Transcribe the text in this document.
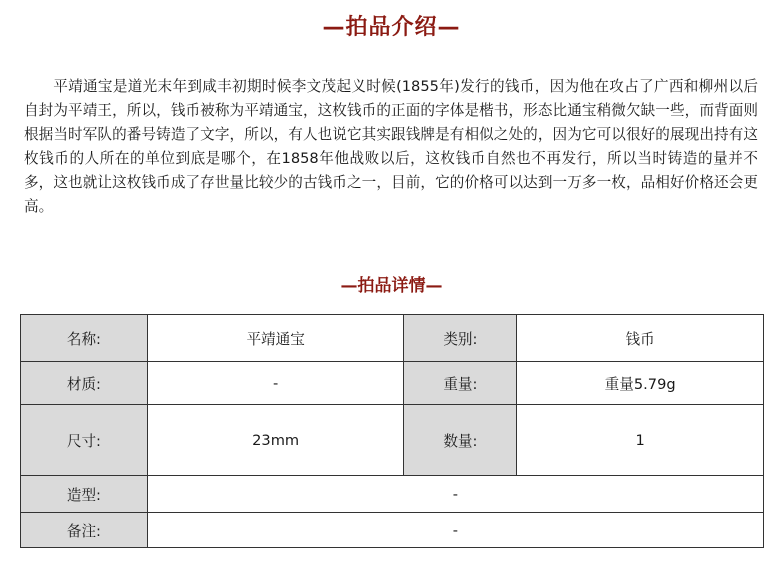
—拍品介绍—

平靖通宝是道光末年到咸丰初期时候李文茂起义时候(1855年)发行的钱币，因为他在攻占了广西和柳州以后自封为平靖王，所以，钱币被称为平靖通宝，这枚钱币的正面的字体是楷书，形态比通宝稍微欠缺一些，而背面则根据当时军队的番号铸造了文字，所以，有人也说它其实跟钱牌是有相似之处的，因为它可以很好的展现出持有这枚钱币的人所在的单位到底是哪个，在1858年他战败以后，这枚钱币自然也不再发行，所以当时铸造的量并不多，这也就让这枚钱币成了存世量比较少的古钱币之一，目前，它的价格可以达到一万多一枚，品相好价格还会更高。

—拍品详情—
名称:	平靖通宝	类别:	钱币
材质:	-	重量:	重量5.79g
尺寸:	23mm	数量:	1
造型:	-		
备注:	-		
